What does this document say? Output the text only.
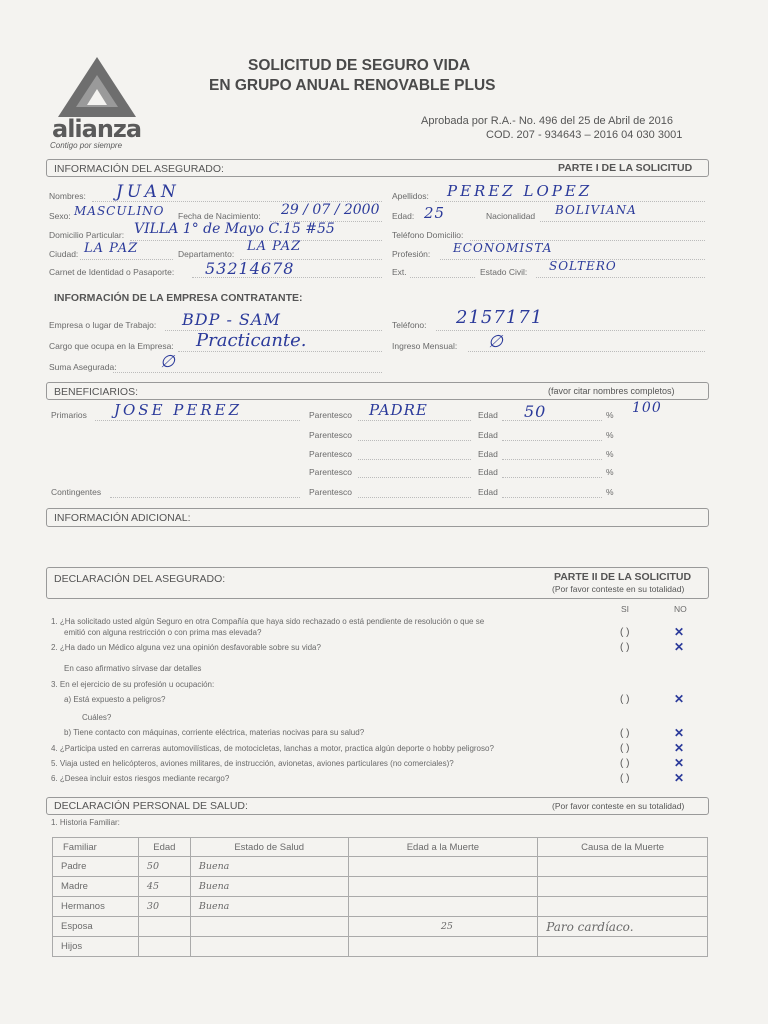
alianza
Contigo por siempre
SOLICITUD DE SEGURO VIDA
EN GRUPO ANUAL RENOVABLE PLUS
Aprobada por R.A.- No. 496 del 25 de Abril de 2016
COD. 207 - 934643 – 2016 04 030 3001
INFORMACIÓN DEL ASEGURADO:	PARTE I DE LA SOLICITUD
Nombres: JUAN	Apellidos: PEREZ LOPEZ
Sexo: MASCULINO Fecha de Nacimiento: 29 / 07 / 2000 Edad: 25	Nacionalidad BOLIVIANA
Domicilio Particular: VILLA 1° de Mayo C.15 #55	Teléfono Domicilio:
Ciudad: LA PAZ	Departamento: LA PAZ	Profesión: ECONOMISTA
Carnet de Identidad o Pasaporte: 53214678	Ext.	Estado Civil: SOLTERO
INFORMACIÓN DE LA EMPRESA CONTRATANTE:
Empresa o lugar de Trabajo: BDP - SAM	Teléfono: 2157171
Cargo que ocupa en la Empresa: Practicante.	Ingreso Mensual: ∅
Suma Asegurada:	∅
BENEFICIARIOS:	(favor citar nombres completos)
Primarios JOSE PEREZ	Parentesco PADRE	Edad 50	% 100
Parentesco	Edad	%
Parentesco	Edad	%
Parentesco	Edad	%
Contingentes	Parentesco	Edad	%
INFORMACIÓN ADICIONAL:
DECLARACIÓN DEL ASEGURADO:	PARTE II DE LA SOLICITUD
(Por favor conteste en su totalidad)
SI	NO
1. ¿Ha solicitado usted algún Seguro en otra Compañía que haya sido rechazado o está pendiente de resolución o que se
emitió con alguna restricción o con prima mas elevada?	( )	✕
2. ¿Ha dado un Médico alguna vez una opinión desfavorable sobre su vida?	( )	✕
En caso afirmativo sírvase dar detalles
3. En el ejercicio de su profesión u ocupación:
a) Está expuesto a peligros?	( )	✕
Cuáles?
b) Tiene contacto con máquinas, corriente eléctrica, materias nocivas para su salud?	( )	✕
4. ¿Participa usted en carreras automovilísticas, de motocicletas, lanchas a motor, practica algún deporte o hobby peligroso?	( )	✕
5. Viaja usted en helicópteros, aviones militares, de instrucción, avionetas, aviones particulares (no comerciales)?	( )	✕
6. ¿Desea incluir estos riesgos mediante recargo?	( )	✕
DECLARACIÓN PERSONAL DE SALUD:	(Por favor conteste en su totalidad)
1. Historia Familiar:
Familiar	Edad	Estado de Salud	Edad a la Muerte	Causa de la Muerte
Padre	50	Buena		
Madre	45	Buena		
Hermanos	30	Buena		
Esposa			25	Paro cardíaco.
Hijos				
